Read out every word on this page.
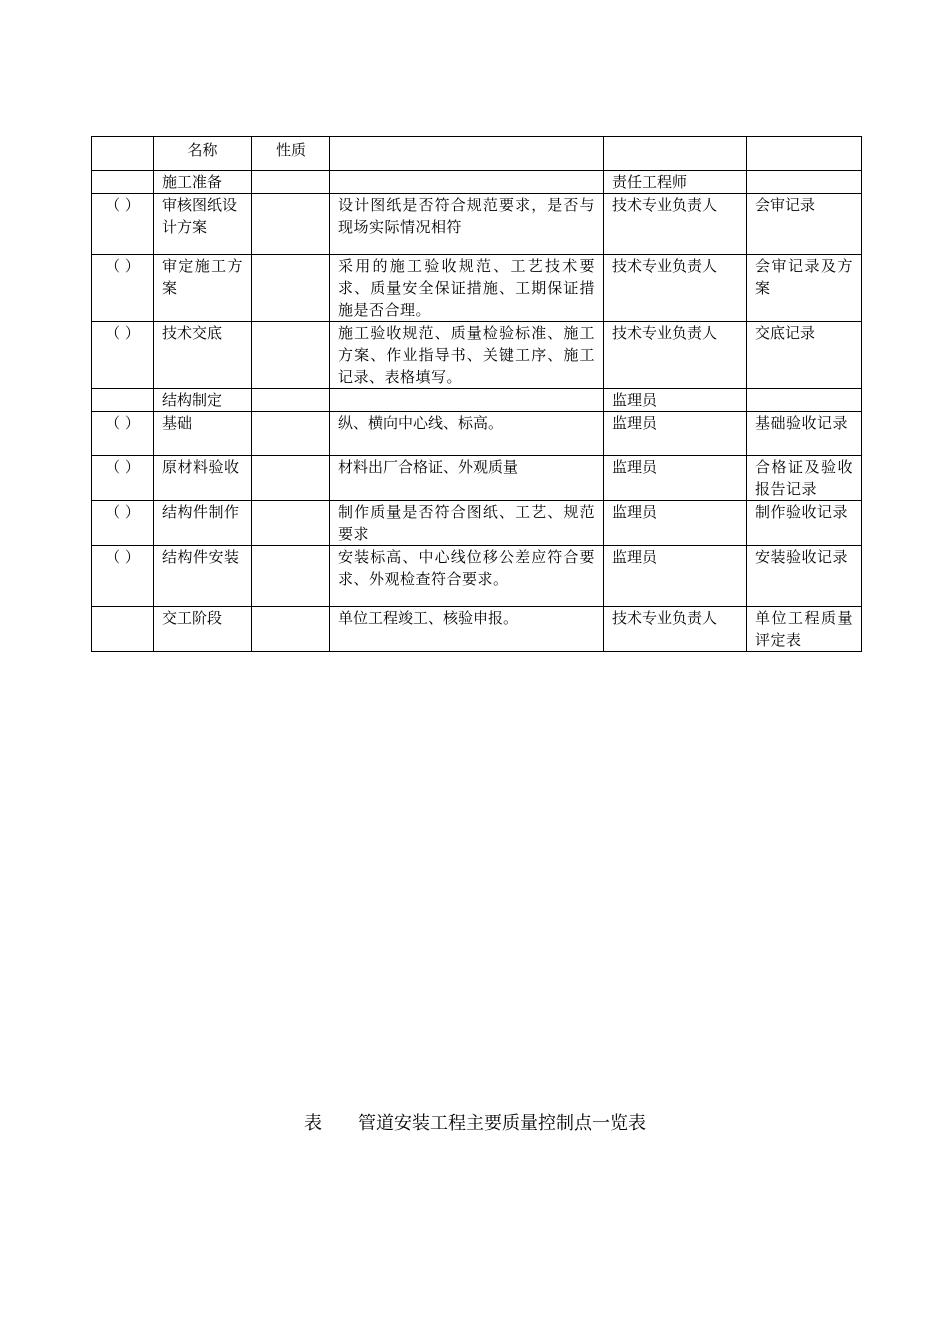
	名称	性质			
	施工准备			责任工程师	
（ ）	审核图纸设计方案		设计图纸是否符合规范要求，是否与现场实际情况相符	技术专业负责人	会审记录
（ ）	审定施工方案		采用的施工验收规范、工艺技术要求、质量安全保证措施、工期保证措施是否合理。	技术专业负责人	会审记录及方案
（ ）	技术交底		施工验收规范、质量检验标准、施工方案、作业指导书、关键工序、施工记录、表格填写。	技术专业负责人	交底记录
	结构制定			监理员	
（ ）	基础		纵、横向中心线、标高。	监理员	基础验收记录
（ ）	原材料验收		材料出厂合格证、外观质量	监理员	合格证及验收报告记录
（ ）	结构件制作		制作质量是否符合图纸、工艺、规范要求	监理员	制作验收记录
（ ）	结构件安装		安装标高、中心线位移公差应符合要求、外观检查符合要求。	监理员	安装验收记录
	交工阶段		单位工程竣工、核验申报。	技术专业负责人	单位工程质量评定表
表 管道安装工程主要质量控制点一览表
